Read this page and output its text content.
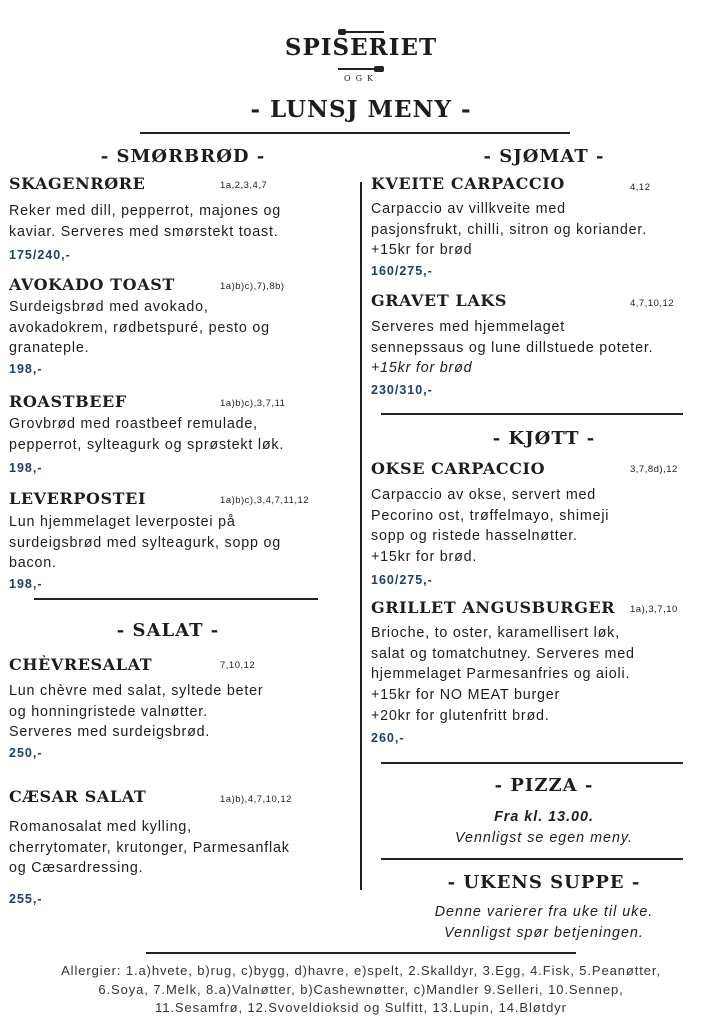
SPISERIET
OGK
- LUNSJ MENY -
- SMØRBRØD -
SKAGENRØRE	1a,2,3,4,7
Reker med dill, pepperrot, majones og
kaviar. Serveres med smørstekt toast.
175/240,-
AVOKADO TOAST	1a)b)c),7),8b)
Surdeigsbrød med avokado,
avokadokrem, rødbetspuré, pesto og
granateple.
198,-
ROASTBEEF	1a)b)c),3,7,11
Grovbrød med roastbeef remulade,
pepperrot, sylteagurk og sprøstekt løk.
198,-
LEVERPOSTEI	1a)b)c),3,4,7,11,12
Lun hjemmelaget leverpostei på
surdeigsbrød med sylteagurk, sopp og
bacon.
198,-
- SALAT -
CHÈVRESALAT	7,10,12
Lun chèvre med salat, syltede beter
og honningristede valnøtter.
Serveres med surdeigsbrød.
250,-
CÆSAR SALAT	1a)b),4,7,10,12
Romanosalat med kylling,
cherrytomater, krutonger, Parmesanflak
og Cæsardressing.
255,-
- SJØMAT -
KVEITE CARPACCIO	4,12
Carpaccio av villkveite med
pasjonsfrukt, chilli, sitron og koriander.
+15kr for brød
160/275,-
GRAVET LAKS	4,7,10,12
Serveres med hjemmelaget
sennepssaus og lune dillstuede poteter.
+15kr for brød
230/310,-
- KJØTT -
OKSE CARPACCIO	3,7,8d),12
Carpaccio av okse, servert med
Pecorino ost, trøffelmayo, shimeji
sopp og ristede hasselnøtter.
+15kr for brød.
160/275,-
GRILLET ANGUSBURGER 1a),3,7,10
Brioche, to oster, karamellisert løk,
salat og tomatchutney. Serveres med
hjemmelaget Parmesanfries og aioli.
+15kr for NO MEAT burger
+20kr for glutenfritt brød.
260,-
- PIZZA -
Fra kl. 13.00.
Vennligst se egen meny.
- UKENS SUPPE -
Denne varierer fra uke til uke.
Vennligst spør betjeningen.
Allergier: 1.a)hvete, b)rug, c)bygg, d)havre, e)spelt, 2.Skalldyr, 3.Egg, 4.Fisk, 5.Peanøtter,
6.Soya, 7.Melk, 8.a)Valnøtter, b)Cashewnøtter, c)Mandler 9.Selleri, 10.Sennep,
11.Sesamfrø, 12.Svoveldioksid og Sulfitt, 13.Lupin, 14.Bløtdyr
